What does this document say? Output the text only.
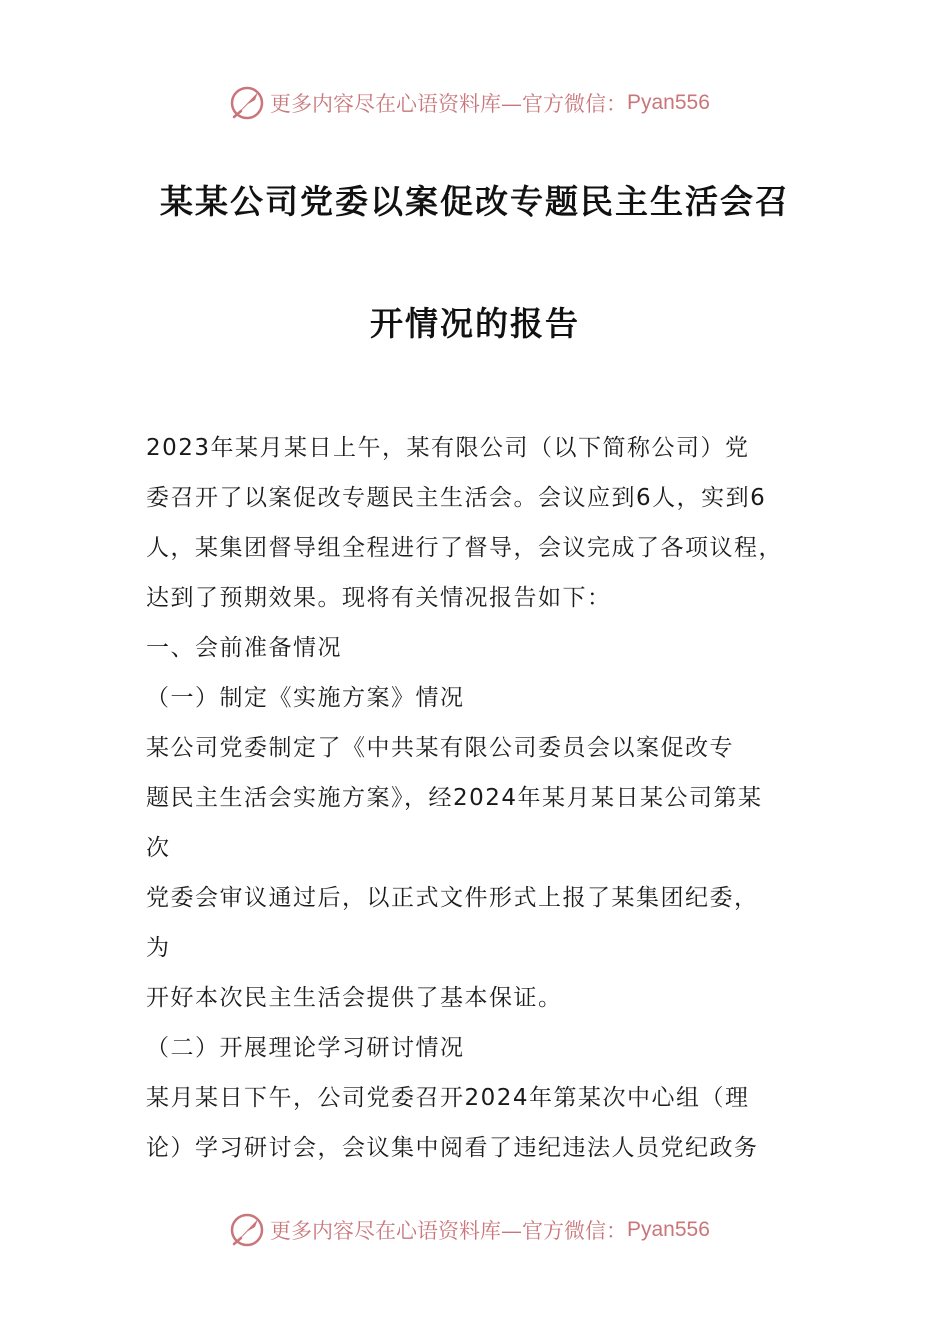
更多内容尽在心语资料库—官方微信： Pyan556
某某公司党委以案促改专题民主生活会召
开情况的报告
2023年某月某日上午，某有限公司（以下简称公司）党
委召开了以案促改专题民主生活会。会议应到6人，实到6
人，某集团督导组全程进行了督导，会议完成了各项议程，
达到了预期效果。现将有关情况报告如下：
一、会前准备情况
（一）制定《实施方案》情况
某公司党委制定了《中共某有限公司委员会以案促改专
题民主生活会实施方案》，经2024年某月某日某公司第某
次
党委会审议通过后，以正式文件形式上报了某集团纪委，
为
开好本次民主生活会提供了基本保证。
（二）开展理论学习研讨情况
某月某日下午，公司党委召开2024年第某次中心组（理
论）学习研讨会，会议集中阅看了违纪违法人员党纪政务
更多内容尽在心语资料库—官方微信： Pyan556
